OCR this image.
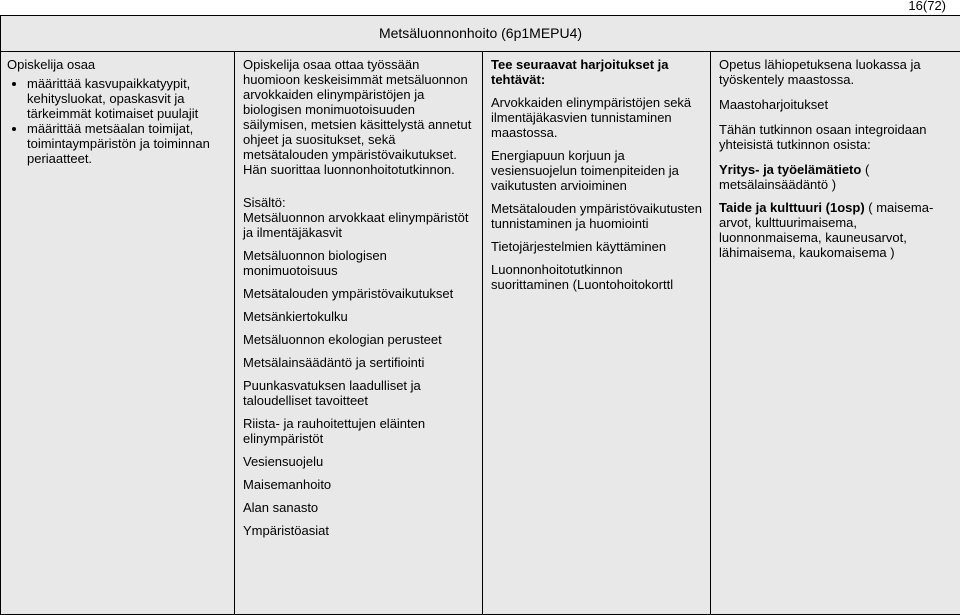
16(72)
Metsäluonnonhoito (6p1MEPU4)

Opiskelija osaa
• määrittää kasvupaikkatyypit, kehitysluokat, opaskasvit ja tärkeimmät kotimaiset puulajit
• määrittää metsäalan toimijat, toimintaympäristön ja toiminnan periaatteet.

Opiskelija osaa ottaa työssään huomioon keskeisimmät metsäluonnon arvokkaiden elinympäristöjen ja biologisen monimuotoisuuden säilymisen, metsien käsittelystä annetut ohjeet ja suositukset, sekä metsätalouden ympäristövaikutukset. Hän suorittaa luonnonhoitotutkinnon.
Sisältö:
Metsäluonnon arvokkaat elinympäristöt ja ilmentäjäkasvit
Metsäluonnon biologisen monimuotoisuus
Metsätalouden ympäristövaikutukset
Metsänkiertokulku
Metsäluonnon ekologian perusteet
Metsälainsäädäntö ja sertifiointi
Puunkasvatuksen laadulliset ja taloudelliset tavoitteet
Riista- ja rauhoitettujen eläinten elinympäristöt
Vesiensuojelu
Maisemanhoito
Alan sanasto
Ympäristöasiat

Tee seuraavat harjoitukset ja tehtävät:
Arvokkaiden elinympäristöjen sekä ilmentäjäkasvien tunnistaminen maastossa.
Energiapuun korjuun ja vesiensuojelun toimenpiteiden ja vaikutusten arvioiminen
Metsätalouden ympäristövaikutusten tunnistaminen ja huomiointi
Tietojärjestelmien käyttäminen
Luonnonhoitotutkinnon suorittaminen (Luontohoitokorttl

Opetus lähiopetuksena luokassa ja työskentely maastossa.
Maastoharjoitukset
Tähän tutkinnon osaan integroidaan yhteisistä tutkinnon osista:
Yritys- ja työelämätieto ( metsälainsäädäntö )
Taide ja kulttuuri (1osp) ( maisema-arvot, kulttuurimaisema, luonnonmaisema, kauneusarvot, lähimaisema, kaukomaisema )
